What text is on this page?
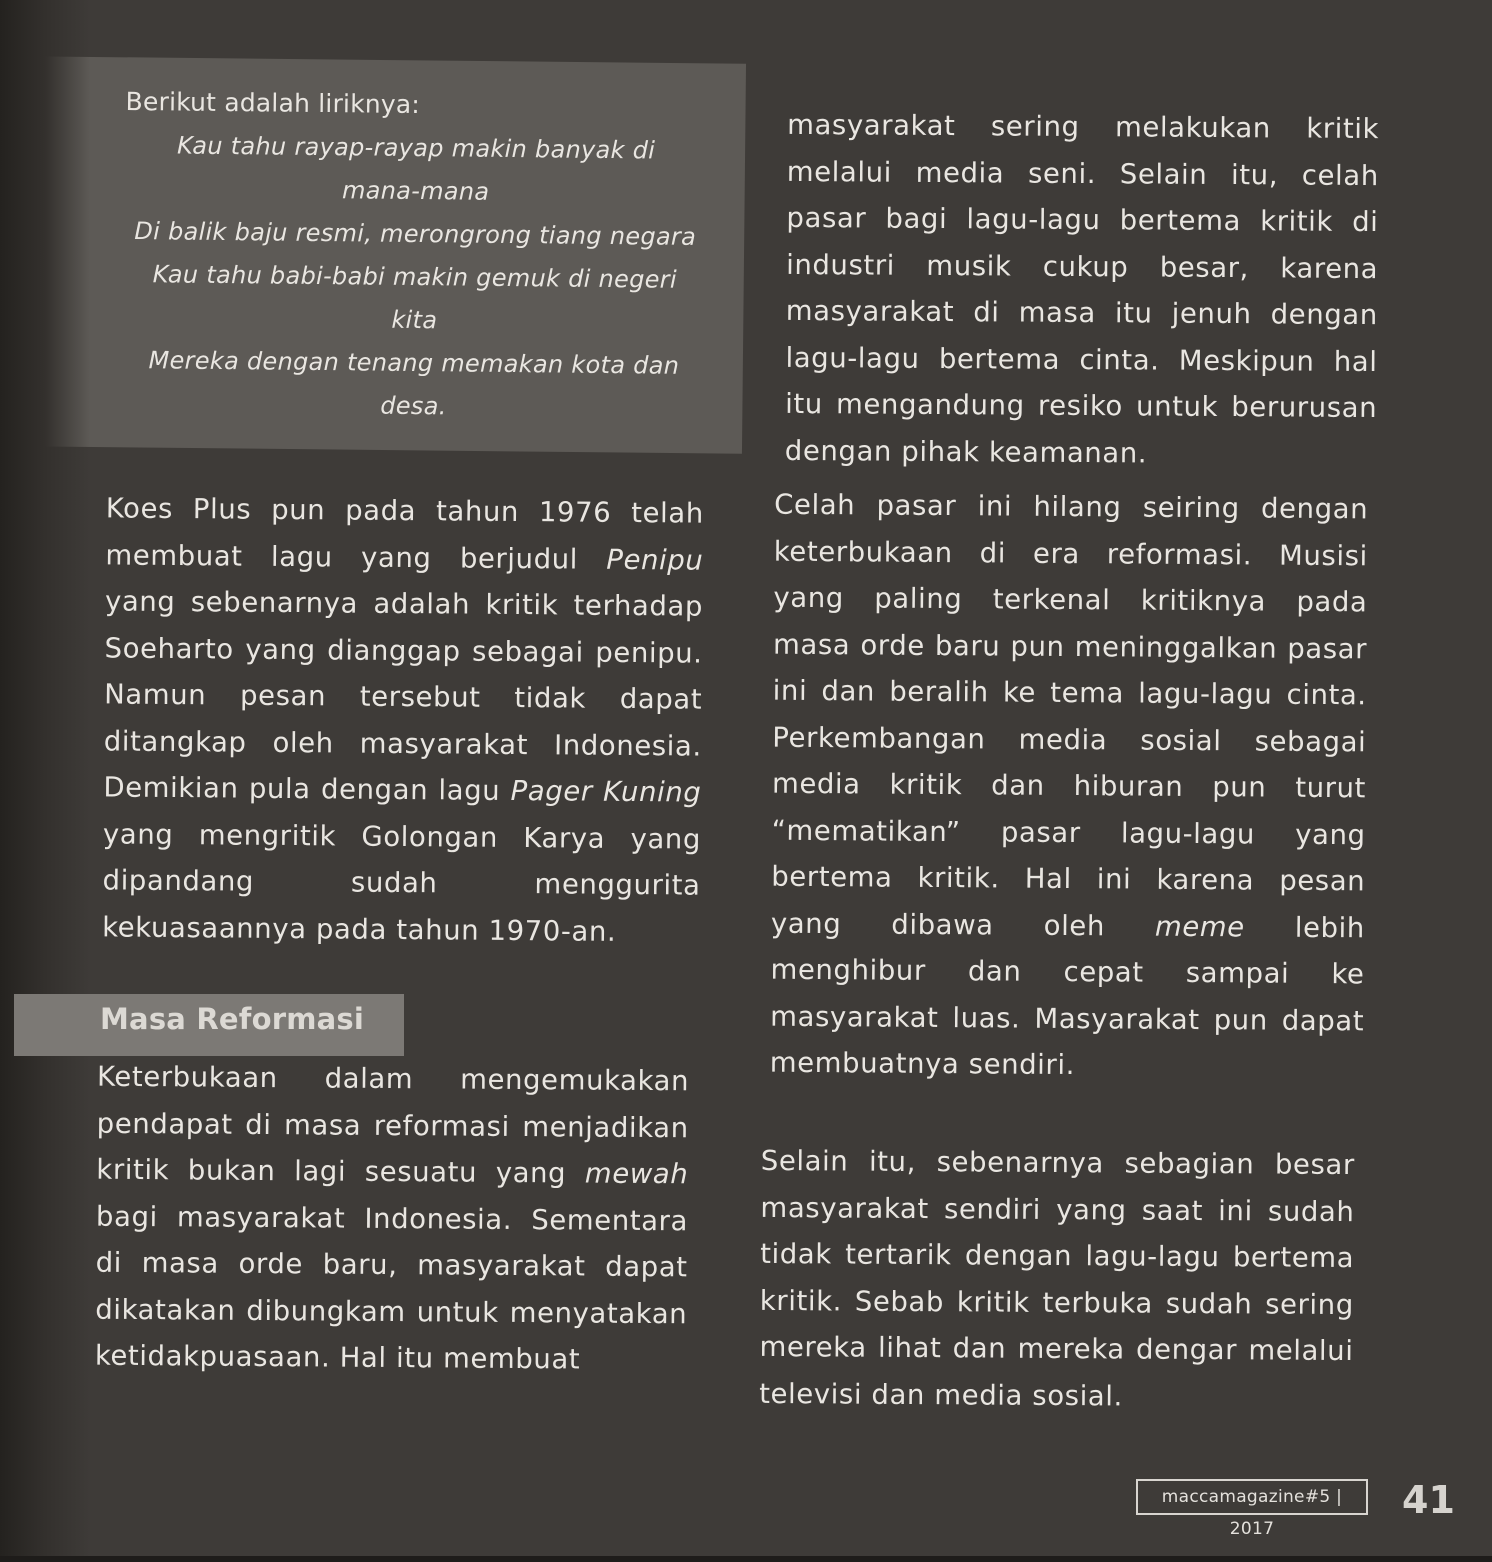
Berikut adalah liriknya:
Kau tahu rayap-rayap makin banyak di
mana-mana
Di balik baju resmi, merongrong tiang negara
Kau tahu babi-babi makin gemuk di negeri
kita
Mereka dengan tenang memakan kota dan
desa.

Koes Plus pun pada tahun 1976 telah membuat lagu yang berjudul Penipu yang sebenarnya adalah kritik terhadap Soeharto yang dianggap sebagai penipu. Namun pesan tersebut tidak dapat ditangkap oleh masyarakat Indonesia. Demikian pula dengan lagu Pager Kuning yang mengritik Golongan Karya yang dipandang sudah menggurita kekuasaannya pada tahun 1970-an.

Masa Reformasi

Keterbukaan dalam mengemukakan pendapat di masa reformasi menjadikan kritik bukan lagi sesuatu yang mewah bagi masyarakat Indonesia. Sementara di masa orde baru, masyarakat dapat dikatakan dibungkam untuk menyatakan ketidakpuasaan. Hal itu membuat

masyarakat sering melakukan kritik melalui media seni. Selain itu, celah pasar bagi lagu-lagu bertema kritik di industri musik cukup besar, karena masyarakat di masa itu jenuh dengan lagu-lagu bertema cinta. Meskipun hal itu mengandung resiko untuk berurusan dengan pihak keamanan.

Celah pasar ini hilang seiring dengan keterbukaan di era reformasi. Musisi yang paling terkenal kritiknya pada masa orde baru pun meninggalkan pasar ini dan beralih ke tema lagu-lagu cinta. Perkembangan media sosial sebagai media kritik dan hiburan pun turut “mematikan” pasar lagu-lagu yang bertema kritik. Hal ini karena pesan yang dibawa oleh meme lebih menghibur dan cepat sampai ke masyarakat luas. Masyarakat pun dapat membuatnya sendiri.

Selain itu, sebenarnya sebagian besar masyarakat sendiri yang saat ini sudah tidak tertarik dengan lagu-lagu bertema kritik. Sebab kritik terbuka sudah sering mereka lihat dan mereka dengar melalui televisi dan media sosial.

maccamagazine#5 | 2017
41
